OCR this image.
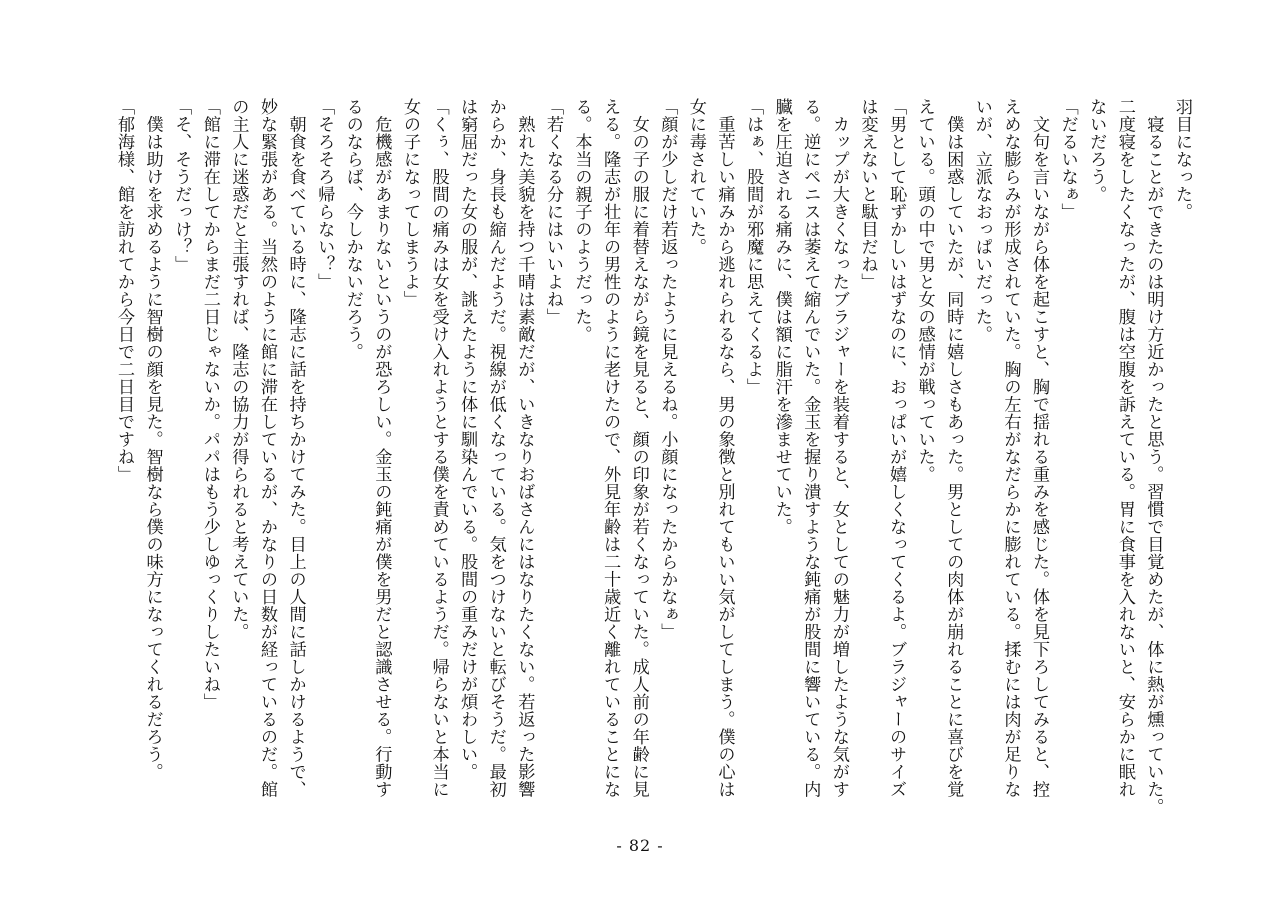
羽目になった。

　寝ることができたのは明け方近かったと思う。習慣で目覚めたが、体に熱が燻っていた。

二度寝をしたくなったが、腹は空腹を訴えている。胃に食事を入れないと、安らかに眠れ

ないだろう。

「だるいなぁ」

　文句を言いながら体を起こすと、胸で揺れる重みを感じた。体を見下ろしてみると、控

えめな膨らみが形成されていた。胸の左右がなだらかに膨れている。揉むには肉が足りな

いが、立派なおっぱいだった。

　僕は困惑していたが、同時に嬉しさもあった。男としての肉体が崩れることに喜びを覚

えている。頭の中で男と女の感情が戦っていた。

「男として恥ずかしいはずなのに、おっぱいが嬉しくなってくるよ。ブラジャーのサイズ

は変えないと駄目だね」

　カップが大きくなったブラジャーを装着すると、女としての魅力が増したような気がす

る。逆にペニスは萎えて縮んでいた。金玉を握り潰すような鈍痛が股間に響いている。内

臓を圧迫される痛みに、僕は額に脂汗を滲ませていた。

「はぁ、股間が邪魔に思えてくるよ」

　重苦しい痛みから逃れられるなら、男の象徴と別れてもいい気がしてしまう。僕の心は

女に毒されていた。

「顔が少しだけ若返ったように見えるね。小顔になったからかなぁ」

　女の子の服に着替えながら鏡を見ると、顔の印象が若くなっていた。成人前の年齢に見

える。隆志が壮年の男性のように老けたので、外見年齢は二十歳近く離れていることにな

る。本当の親子のようだった。

「若くなる分にはいいよね」

　熟れた美貌を持つ千晴は素敵だが、いきなりおばさんにはなりたくない。若返った影響

からか、身長も縮んだようだ。視線が低くなっている。気をつけないと転びそうだ。最初

は窮屈だった女の服が、誂えたように体に馴染んでいる。股間の重みだけが煩わしい。

「くぅ、股間の痛みは女を受け入れようとする僕を責めているようだ。帰らないと本当に

女の子になってしまうよ」

　危機感があまりないというのが恐ろしい。金玉の鈍痛が僕を男だと認識させる。行動す

るのならば、今しかないだろう。

「そろそろ帰らない？」

　朝食を食べている時に、隆志に話を持ちかけてみた。目上の人間に話しかけるようで、

妙な緊張がある。当然のように館に滞在しているが、かなりの日数が経っているのだ。館

の主人に迷惑だと主張すれば、隆志の協力が得られると考えていた。

「館に滞在してからまだ二日じゃないか。パパはもう少しゆっくりしたいね」

「そ、そうだっけ？」

　僕は助けを求めるように智樹の顔を見た。智樹なら僕の味方になってくれるだろう。

「郁海様、館を訪れてから今日で二日目ですね」

- 82 -
